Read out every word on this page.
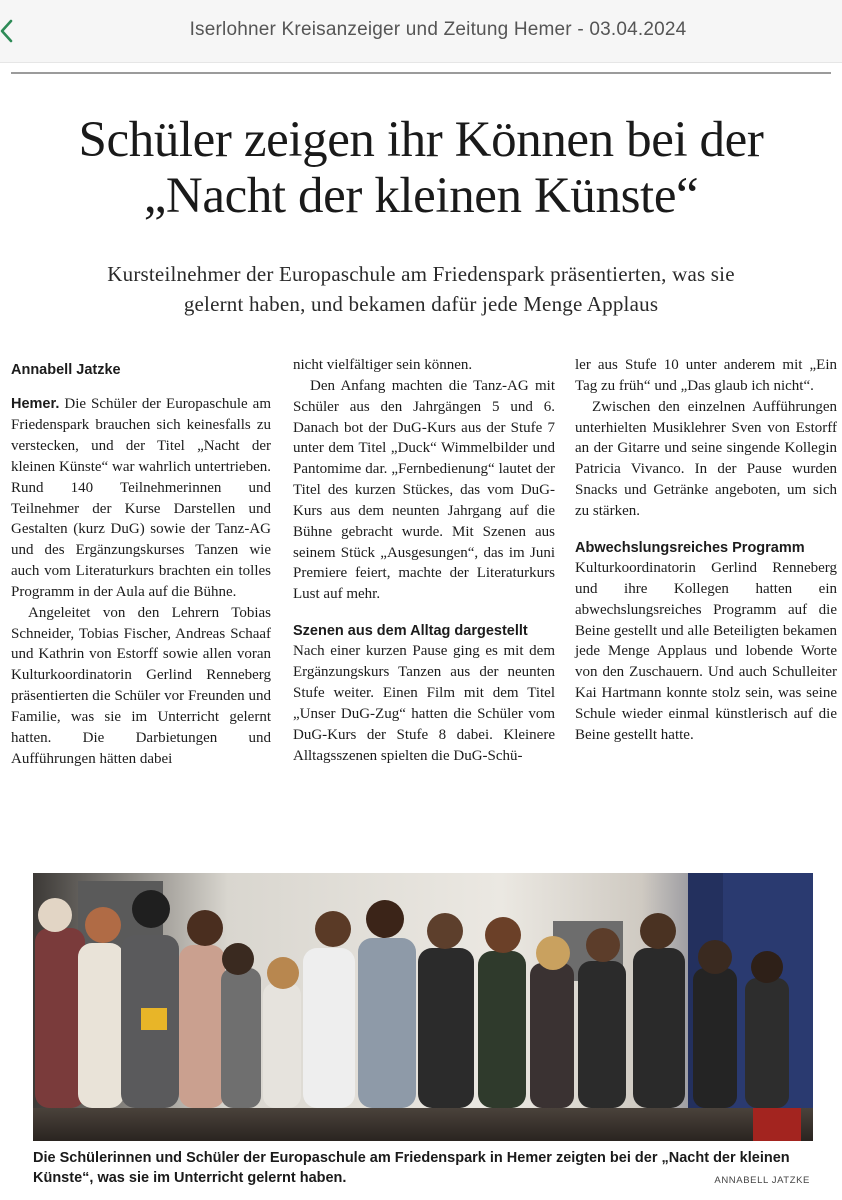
Iserlohner Kreisanzeiger und Zeitung Hemer - 03.04.2024
Schüler zeigen ihr Können bei der
„Nacht der kleinen Künste“
Kursteilnehmer der Europaschule am Friedenspark präsentierten, was sie
gelernt haben, und bekamen dafür jede Menge Applaus
Annabell Jatzke

Hemer. Die Schüler der Europaschule am Friedenspark brauchen sich keinesfalls zu verstecken, und der Titel „Nacht der kleinen Künste“ war wahrlich untertrieben. Rund 140 Teilnehmerinnen und Teilnehmer der Kurse Darstellen und Gestalten (kurz DuG) sowie der Tanz-AG und des Ergänzungskurses Tanzen wie auch vom Literaturkurs brachten ein tolles Programm in der Aula auf die Bühne.

Angeleitet von den Lehrern Tobias Schneider, Tobias Fischer, Andreas Schaaf und Kathrin von Estorff sowie allen voran Kulturkoordinatorin Gerlind Renneberg präsentierten die Schüler vor Freunden und Familie, was sie im Unterricht gelernt hatten. Die Darbietungen und Aufführungen hätten dabei

nicht vielfältiger sein können.

Den Anfang machten die Tanz-AG mit Schüler aus den Jahrgängen 5 und 6. Danach bot der DuG-Kurs aus der Stufe 7 unter dem Titel „Duck“ Wimmelbilder und Pantomime dar. „Fernbedienung“ lautet der Titel des kurzen Stückes, das vom DuG-Kurs aus dem neunten Jahrgang auf die Bühne gebracht wurde. Mit Szenen aus seinem Stück „Ausgesungen“, das im Juni Premiere feiert, machte der Literaturkurs Lust auf mehr.

Szenen aus dem Alltag dargestellt

Nach einer kurzen Pause ging es mit dem Ergänzungskurs Tanzen aus der neunten Stufe weiter. Einen Film mit dem Titel „Unser DuG-Zug“ hatten die Schüler vom DuG-Kurs der Stufe 8 dabei. Kleinere Alltagsszenen spielten die DuG-Schü-

ler aus Stufe 10 unter anderem mit „Ein Tag zu früh“ und „Das glaub ich nicht“.

Zwischen den einzelnen Aufführungen unterhielten Musiklehrer Sven von Estorff an der Gitarre und seine singende Kollegin Patricia Vivanco. In der Pause wurden Snacks und Getränke angeboten, um sich zu stärken.

Abwechslungsreiches Programm

Kulturkoordinatorin Gerlind Renneberg und ihre Kollegen hatten ein abwechslungsreiches Programm auf die Beine gestellt und alle Beteiligten bekamen jede Menge Applaus und lobende Worte von den Zuschauern. Und auch Schulleiter Kai Hartmann konnte stolz sein, was seine Schule wieder einmal künstlerisch auf die Beine gestellt hatte.

Die Schülerinnen und Schüler der Europaschule am Friedenspark in Hemer zeigten bei der „Nacht der kleinen Künste“, was sie im Unterricht gelernt haben.	ANNABELL JATZKE
